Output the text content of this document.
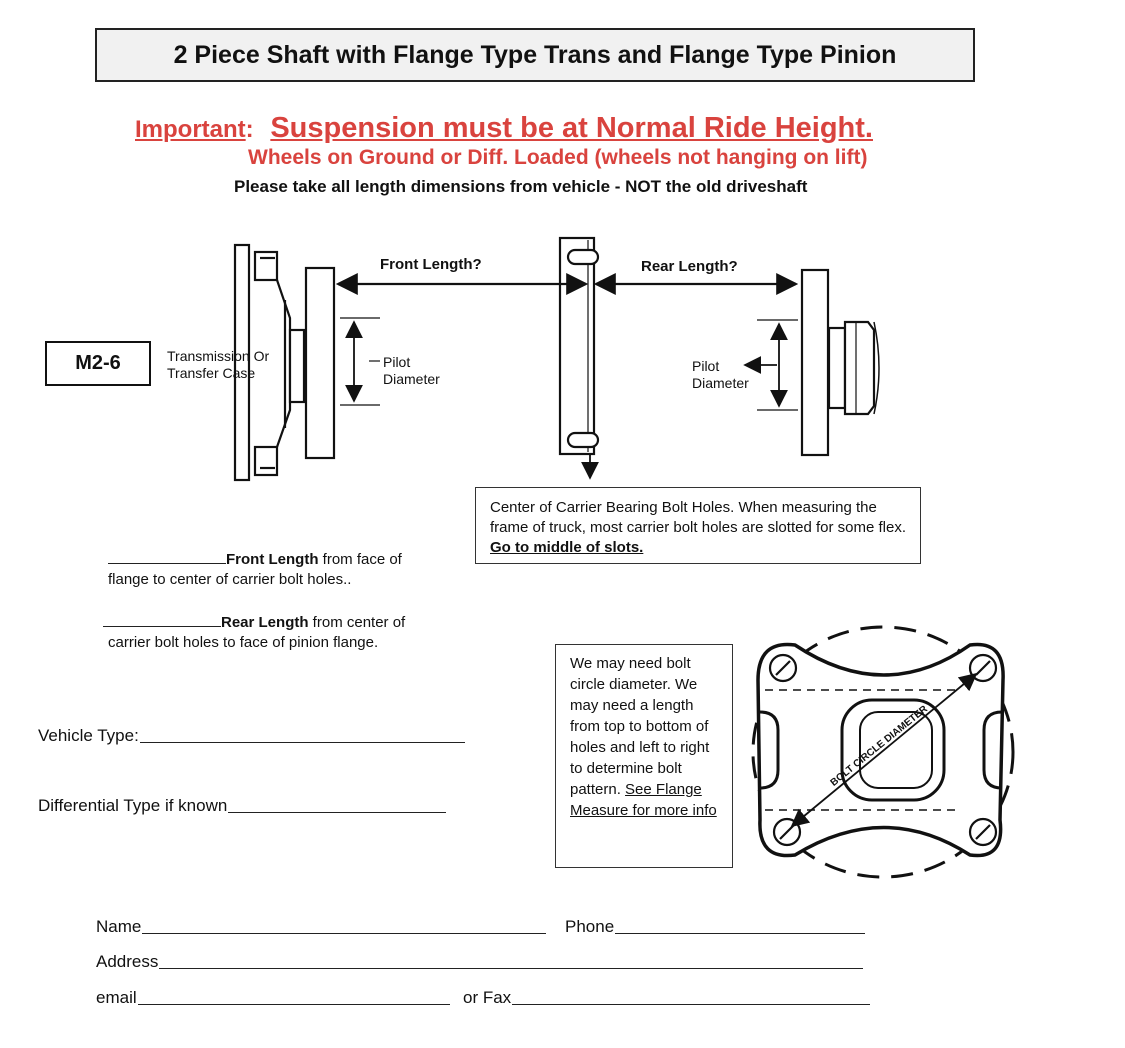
2 Piece Shaft with Flange Type Trans and Flange Type Pinion
Important: Suspension must be at Normal Ride Height.
Wheels on Ground or Diff. Loaded (wheels not hanging on lift)
Please take all length dimensions from vehicle - NOT the old driveshaft
BOLT CIRCLE DIAMETER
Front Length?	Rear Length?
M2-6	Transmission Or
Transfer Case
Pilot
Diameter
Pilot
Diameter
Center of Carrier Bearing Bolt Holes. When measuring the frame of truck, most carrier bolt holes are slotted for some flex. Go to middle of slots.
Front Length from face of
flange to center of carrier bolt holes..
Rear Length from center of
carrier bolt holes to face of pinion flange.
We may need bolt circle diameter. We may need a length from top to bottom of holes and left to right to determine bolt pattern. See Flange Measure for more info
Vehicle Type:
Differential Type if known
Name	Phone
Address
email	or Fax
